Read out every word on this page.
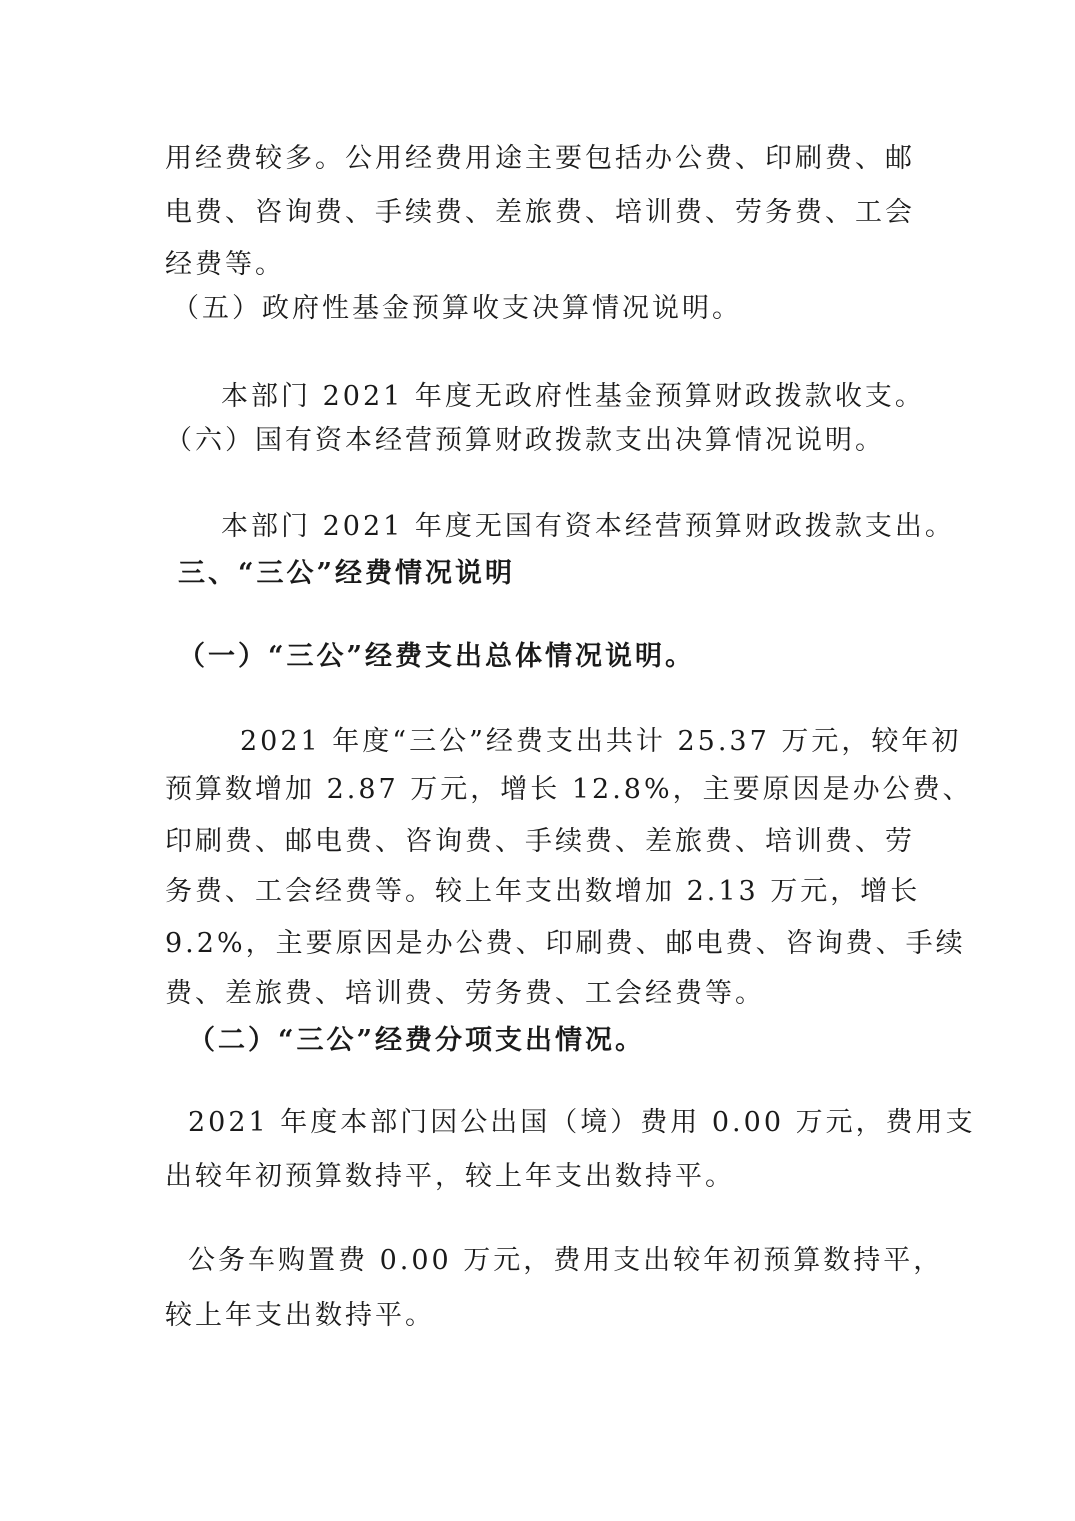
用经费较多。公用经费用途主要包括办公费、印刷费、邮
电费、咨询费、手续费、差旅费、培训费、劳务费、工会
经费等。
（五）政府性基金预算收支决算情况说明。
本部门 2021 年度无政府性基金预算财政拨款收支。
（六）国有资本经营预算财政拨款支出决算情况说明。
本部门 2021 年度无国有资本经营预算财政拨款支出。
三、“三公”经费情况说明
（一）“三公”经费支出总体情况说明。
2021 年度“三公”经费支出共计 25.37 万元，较年初
预算数增加 2.87 万元，增长 12.8%，主要原因是办公费、
印刷费、邮电费、咨询费、手续费、差旅费、培训费、劳
务费、工会经费等。较上年支出数增加 2.13 万元，增长
9.2%，主要原因是办公费、印刷费、邮电费、咨询费、手续
费、差旅费、培训费、劳务费、工会经费等。
（二）“三公”经费分项支出情况。
2021 年度本部门因公出国（境）费用 0.00 万元，费用支
出较年初预算数持平，较上年支出数持平。
公务车购置费 0.00 万元，费用支出较年初预算数持平，
较上年支出数持平。
